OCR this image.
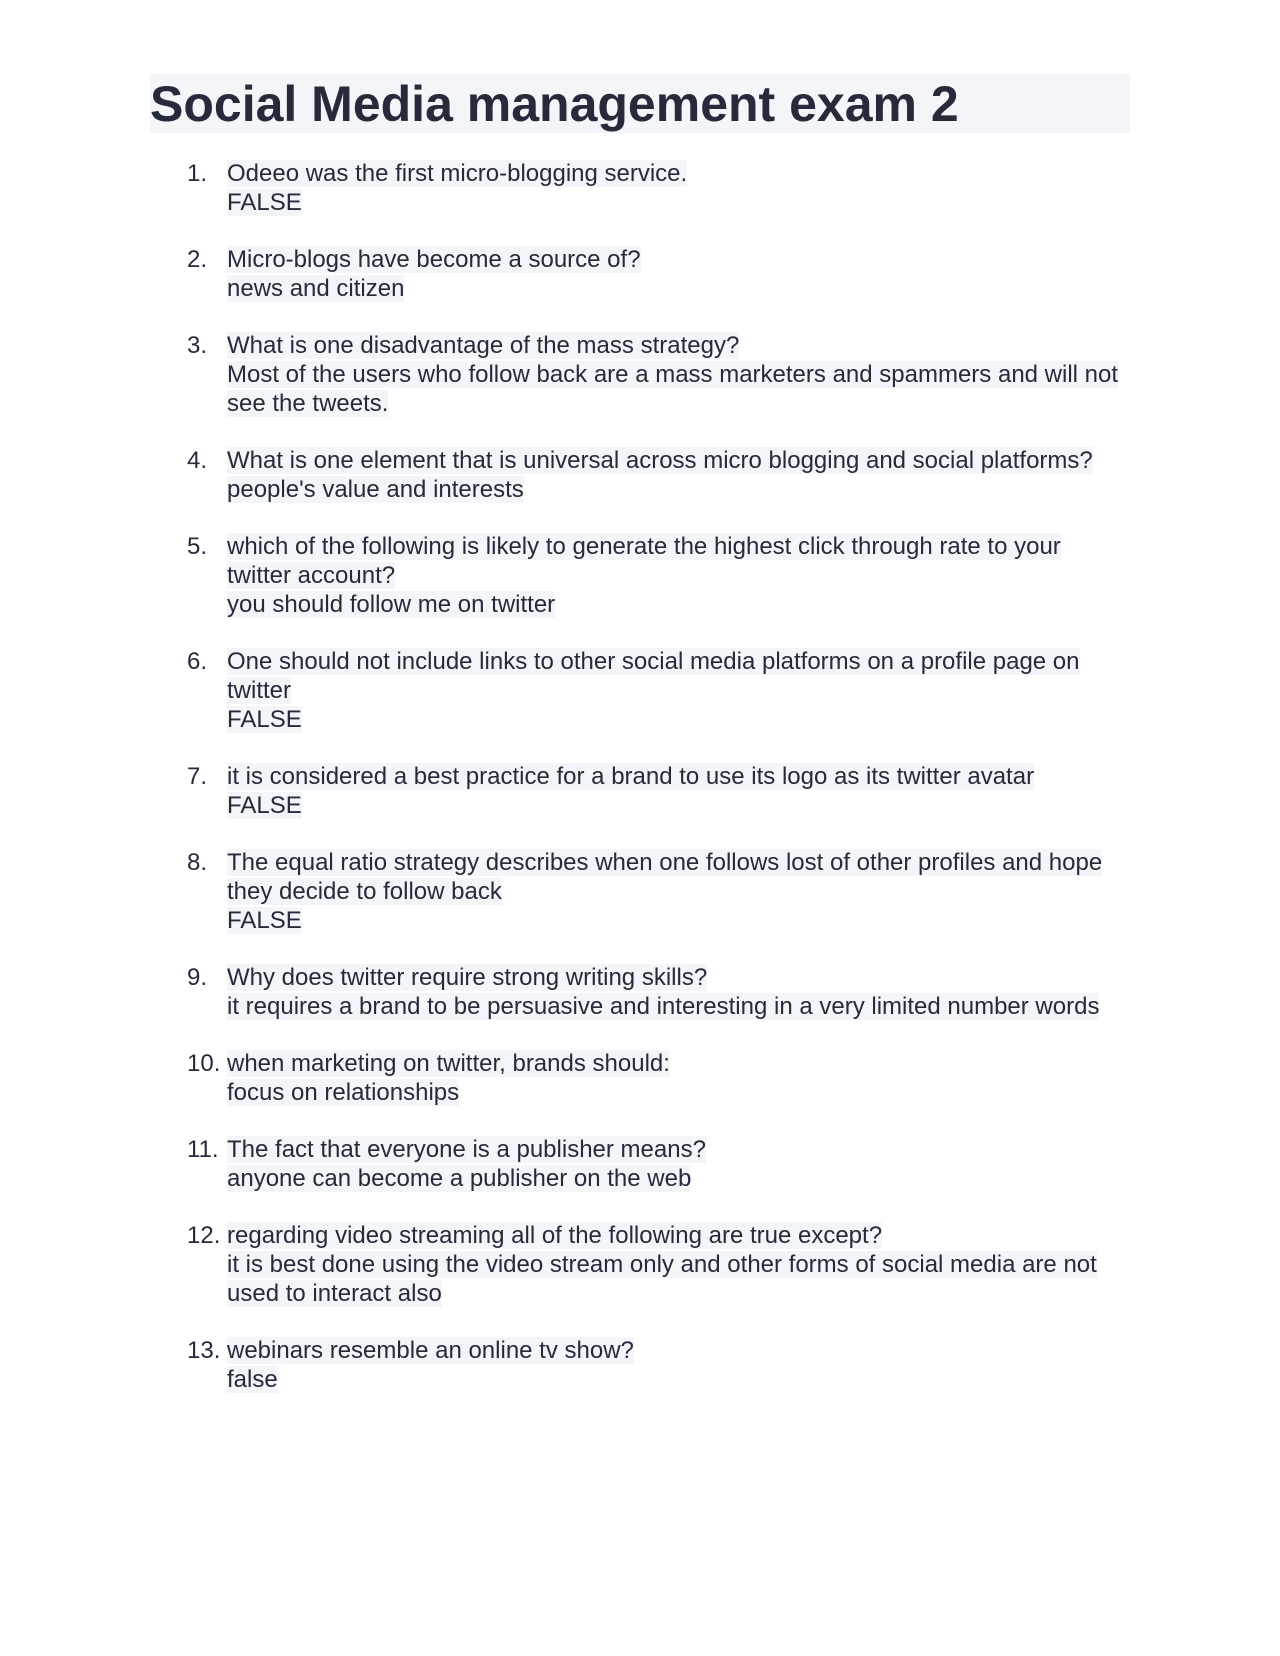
Social Media management exam 2
1. Odeeo was the first micro-blogging service.
FALSE
2. Micro-blogs have become a source of?
news and citizen
3. What is one disadvantage of the mass strategy?
Most of the users who follow back are a mass marketers and spammers and will not see the tweets.
4. What is one element that is universal across micro blogging and social platforms?
people's value and interests
5. which of the following is likely to generate the highest click through rate to your twitter account?
you should follow me on twitter
6. One should not include links to other social media platforms on a profile page on twitter
FALSE
7. it is considered a best practice for a brand to use its logo as its twitter avatar
FALSE
8. The equal ratio strategy describes when one follows lost of other profiles and hope they decide to follow back
FALSE
9. Why does twitter require strong writing skills?
it requires a brand to be persuasive and interesting in a very limited number words
10. when marketing on twitter, brands should:
focus on relationships
11. The fact that everyone is a publisher means?
anyone can become a publisher on the web
12. regarding video streaming all of the following are true except?
it is best done using the video stream only and other forms of social media are not used to interact also
13. webinars resemble an online tv show?
false
